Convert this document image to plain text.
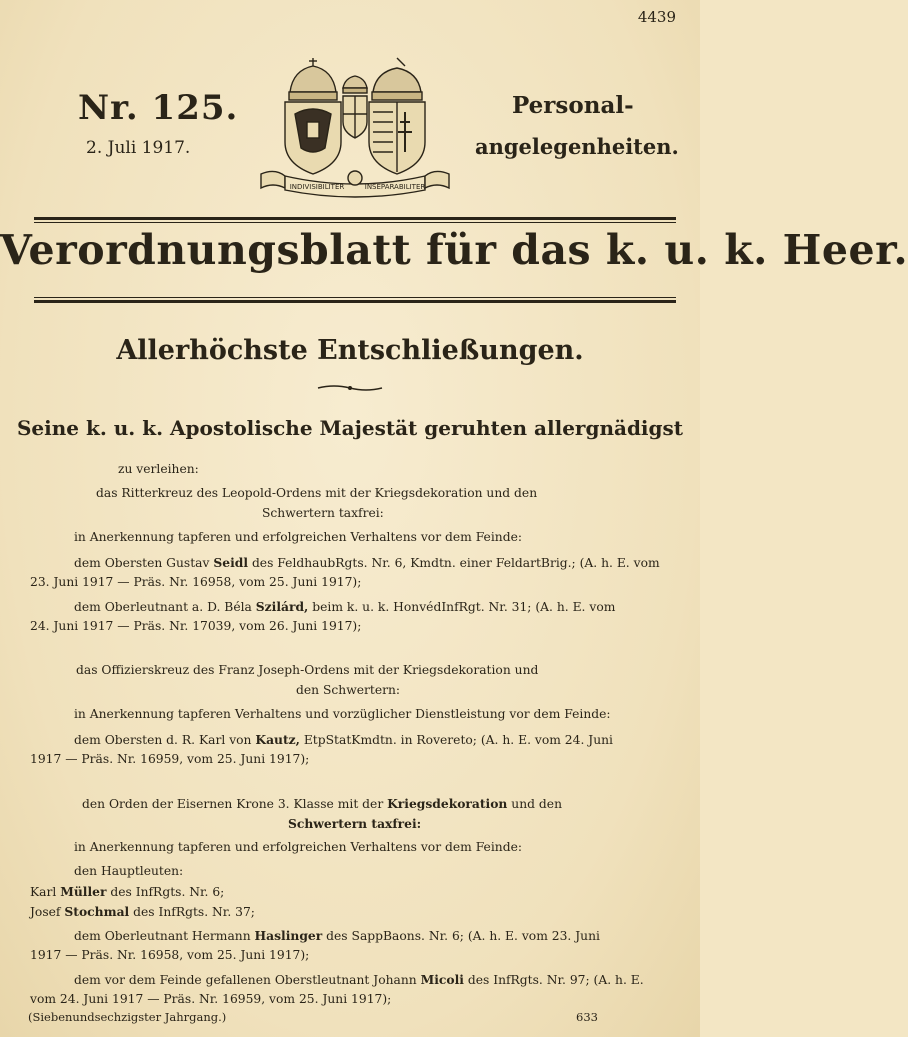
4439
Nr. 125.
2. Juli 1917.
Personal-
angelegenheiten.
INDIVISIBILITER	INSEPARABILITER
Verordnungsblatt für das k. u. k. Heer.
Allerhöchste Entschließungen.
Seine k. u. k. Apostolische Majestät geruhten allergnädigst
zu verleihen:
das Ritterkreuz des Leopold-Ordens mit der Kriegsdekoration und den
Schwertern taxfrei:
in Anerkennung tapferen und erfolgreichen Verhaltens vor dem Feinde:
dem Obersten Gustav Seidl des FeldhaubRgts. Nr. 6, Kmdtn. einer FeldartBrig.; (A. h. E. vom
23. Juni 1917 — Präs. Nr. 16958, vom 25. Juni 1917);
dem Oberleutnant a. D. Béla Szilárd, beim k. u. k. HonvédInfRgt. Nr. 31; (A. h. E. vom
24. Juni 1917 — Präs. Nr. 17039, vom 26. Juni 1917);
das Offizierskreuz des Franz Joseph-Ordens mit der Kriegsdekoration und
den Schwertern:
in Anerkennung tapferen Verhaltens und vorzüglicher Dienstleistung vor dem Feinde:
dem Obersten d. R. Karl von Kautz, EtpStatKmdtn. in Rovereto; (A. h. E. vom 24. Juni
1917 — Präs. Nr. 16959, vom 25. Juni 1917);
den Orden der Eisernen Krone 3. Klasse mit der Kriegsdekoration und den
Schwertern taxfrei:
in Anerkennung tapferen und erfolgreichen Verhaltens vor dem Feinde:
den Hauptleuten:
Karl Müller des InfRgts. Nr. 6;
Josef Stochmal des InfRgts. Nr. 37;
dem Oberleutnant Hermann Haslinger des SappBaons. Nr. 6; (A. h. E. vom 23. Juni
1917 — Präs. Nr. 16958, vom 25. Juni 1917);
dem vor dem Feinde gefallenen Oberstleutnant Johann Micoli des InfRgts. Nr. 97; (A. h. E.
vom 24. Juni 1917 — Präs. Nr. 16959, vom 25. Juni 1917);
(Siebenundsechzigster Jahrgang.)	633
